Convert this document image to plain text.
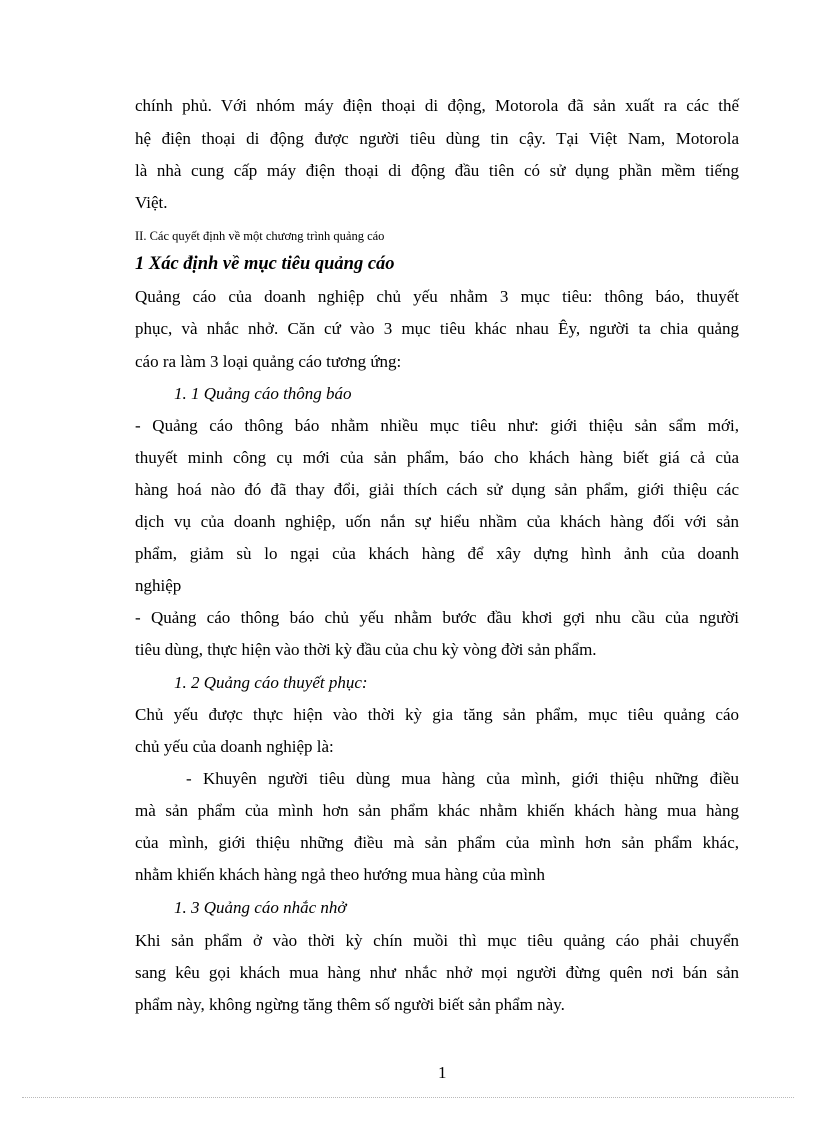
chính phủ. Với nhóm máy điện thoại di động, Motorola đã sản xuất ra các thế
hệ điện thoại di động được người tiêu dùng tin cậy. Tại Việt Nam, Motorola
là nhà cung cấp máy điện thoại di động đầu tiên có sử dụng phần mềm tiếng
Việt.
II. Các quyết định về một chương trình quảng cáo
1 Xác định về mục tiêu quảng cáo
Quảng cáo của doanh nghiệp chủ yếu nhằm 3 mục tiêu: thông báo, thuyết
phục, và nhắc nhở. Căn cứ vào 3 mục tiêu khác nhau Êy, người ta chia quảng
cáo ra làm 3 loại quảng cáo tương ứng:
1. 1 Quảng cáo thông báo
- Quảng cáo thông báo nhằm nhiều mục tiêu như: giới thiệu sản sẩm mới,
thuyết minh công cụ mới của sản phẩm, báo cho khách hàng biết giá cả của
hàng hoá nào đó đã thay đổi, giải thích cách sử dụng sản phẩm, giới thiệu các
dịch vụ của doanh nghiệp, uốn nắn sự hiểu nhầm của khách hàng đối với sản
phẩm, giảm sù lo ngại của khách hàng để xây dựng hình ảnh của doanh
nghiệp
- Quảng cáo thông báo chủ yếu nhằm bước đầu khơi gợi nhu cầu của người
tiêu dùng, thực hiện vào thời kỳ đầu của chu kỳ vòng đời sản phẩm.
1. 2 Quảng cáo thuyết phục:
Chủ yếu được thực hiện vào thời kỳ gia tăng sản phẩm, mục tiêu quảng cáo
chủ yếu của doanh nghiệp là:
- Khuyên người tiêu dùng mua hàng của mình, giới thiệu những điều
mà sản phẩm của mình hơn sản phẩm khác nhằm khiến khách hàng mua hàng
của mình, giới thiệu những điều mà sản phẩm của mình hơn sản phẩm khác,
nhằm khiến khách hàng ngả theo hướng mua hàng của mình
1. 3 Quảng cáo nhắc nhở
Khi sản phẩm ở vào thời kỳ chín muồi thì mục tiêu quảng cáo phải chuyển
sang kêu gọi khách mua hàng như nhắc nhở mọi người đừng quên nơi bán sản
phẩm này, không ngừng tăng thêm số người biết sản phẩm này.
1
